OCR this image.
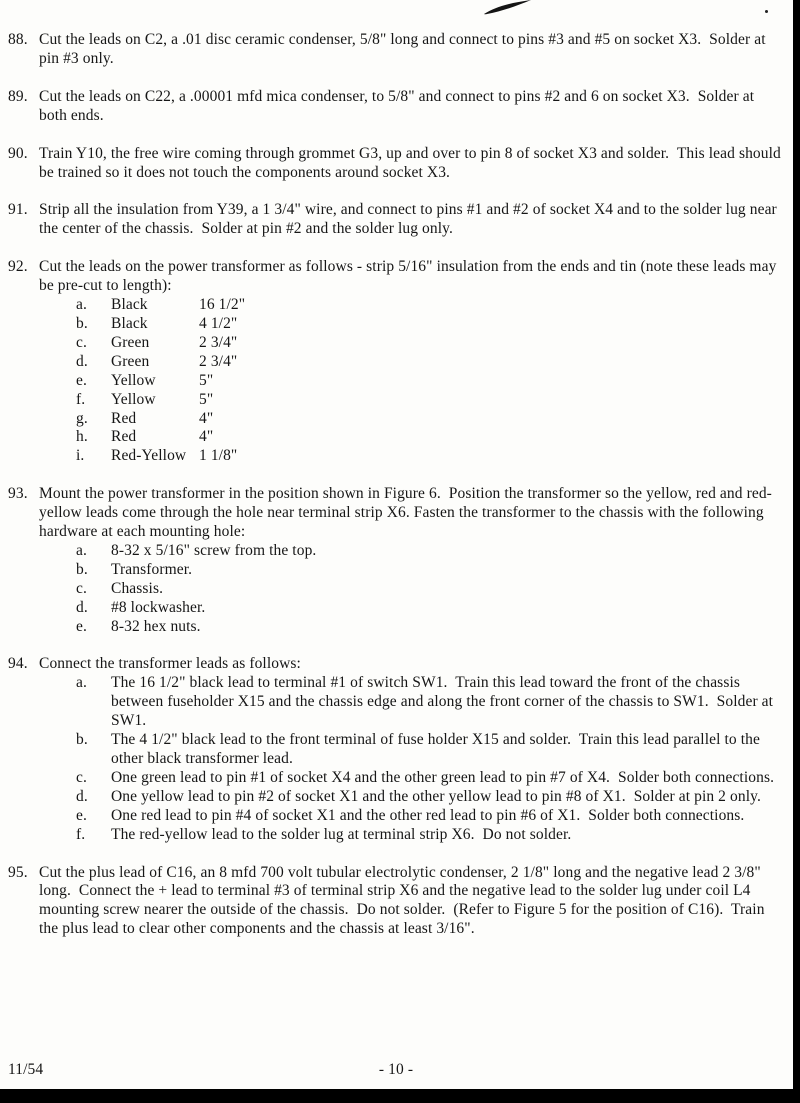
88. Cut the leads on C2, a .01 disc ceramic condenser, 5/8" long and connect to pins #3 and #5 on socket X3.  Solder at pin #3 only.
89. Cut the leads on C22, a .00001 mfd mica condenser, to 5/8" and connect to pins #2 and 6 on socket X3.  Solder at both ends.
90. Train Y10, the free wire coming through grommet G3, up and over to pin 8 of socket X3 and solder.  This lead should be trained so it does not touch the components around socket X3.
91. Strip all the insulation from Y39, a 1 3/4" wire, and connect to pins #1 and #2 of socket X4 and to the solder lug near the center of the chassis.  Solder at pin #2 and the solder lug only.
92. Cut the leads on the power transformer as follows - strip 5/16" insulation from the ends and tin (note these leads may be pre-cut to length):
a.	Black	16 1/2"
b.	Black	4 1/2"
c.	Green	2 3/4"
d.	Green	2 3/4"
e.	Yellow	5"
f.	Yellow	5"
g.	Red	4"
h.	Red	4"
i.	Red-Yellow 1 1/8"
93. Mount the power transformer in the position shown in Figure 6.  Position the transformer so the yellow, red and red-yellow leads come through the hole near terminal strip X6. Fasten the transformer to the chassis with the following hardware at each mounting hole:
a.	8-32 x 5/16" screw from the top.
b.	Transformer.
c.	Chassis.
d.	#8 lockwasher.
e.	8-32 hex nuts.
94. Connect the transformer leads as follows:
a.	The 16 1/2" black lead to terminal #1 of switch SW1.  Train this lead toward the front of the chassis between fuseholder X15 and the chassis edge and along the front corner of the chassis to SW1.  Solder at SW1.
b.	The 4 1/2" black lead to the front terminal of fuse holder X15 and solder.  Train this lead parallel to the other black transformer lead.
c.	One green lead to pin #1 of socket X4 and the other green lead to pin #7 of X4.  Solder both connections.
d.	One yellow lead to pin #2 of socket X1 and the other yellow lead to pin #8 of X1.  Solder at pin 2 only.
e.	One red lead to pin #4 of socket X1 and the other red lead to pin #6 of X1.  Solder both connections.
f.	The red-yellow lead to the solder lug at terminal strip X6.  Do not solder.
95. Cut the plus lead of C16, an 8 mfd 700 volt tubular electrolytic condenser, 2 1/8" long and the negative lead 2 3/8" long.  Connect the + lead to terminal #3 of terminal strip X6 and the negative lead to the solder lug under coil L4 mounting screw nearer the outside of the chassis.  Do not solder.  (Refer to Figure 5 for the position of C16).  Train the plus lead to clear other components and the chassis at least 3/16".
11/54	- 10 -
